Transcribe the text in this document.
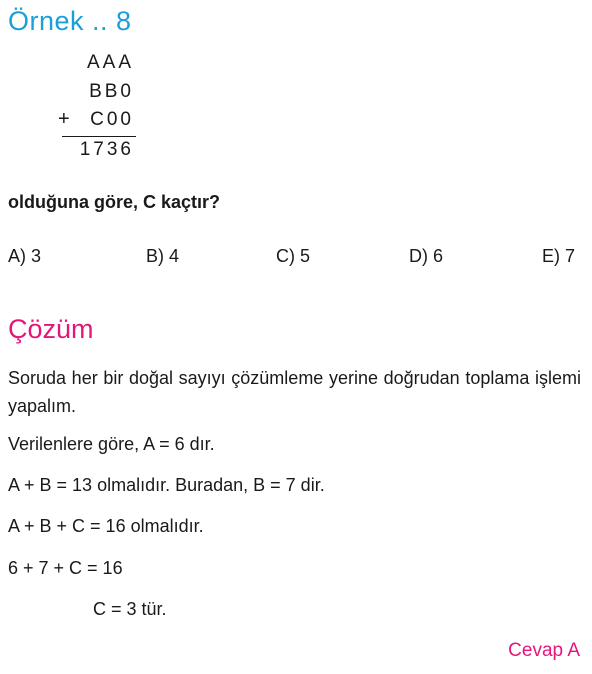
Örnek .. 8
AAA
BB0
+ C00
1736
olduğuna göre, C kaçtır?
A) 3	B) 4	C) 5	D) 6	E) 7
Çözüm
Soruda her bir doğal sayıyı çözümleme yerine doğrudan toplama işlemi yapalım.
Verilenlere göre, A = 6 dır.
A + B = 13 olmalıdır. Buradan, B = 7 dir.
A + B + C = 16 olmalıdır.
6 + 7 + C = 16
C = 3 tür.
Cevap A
